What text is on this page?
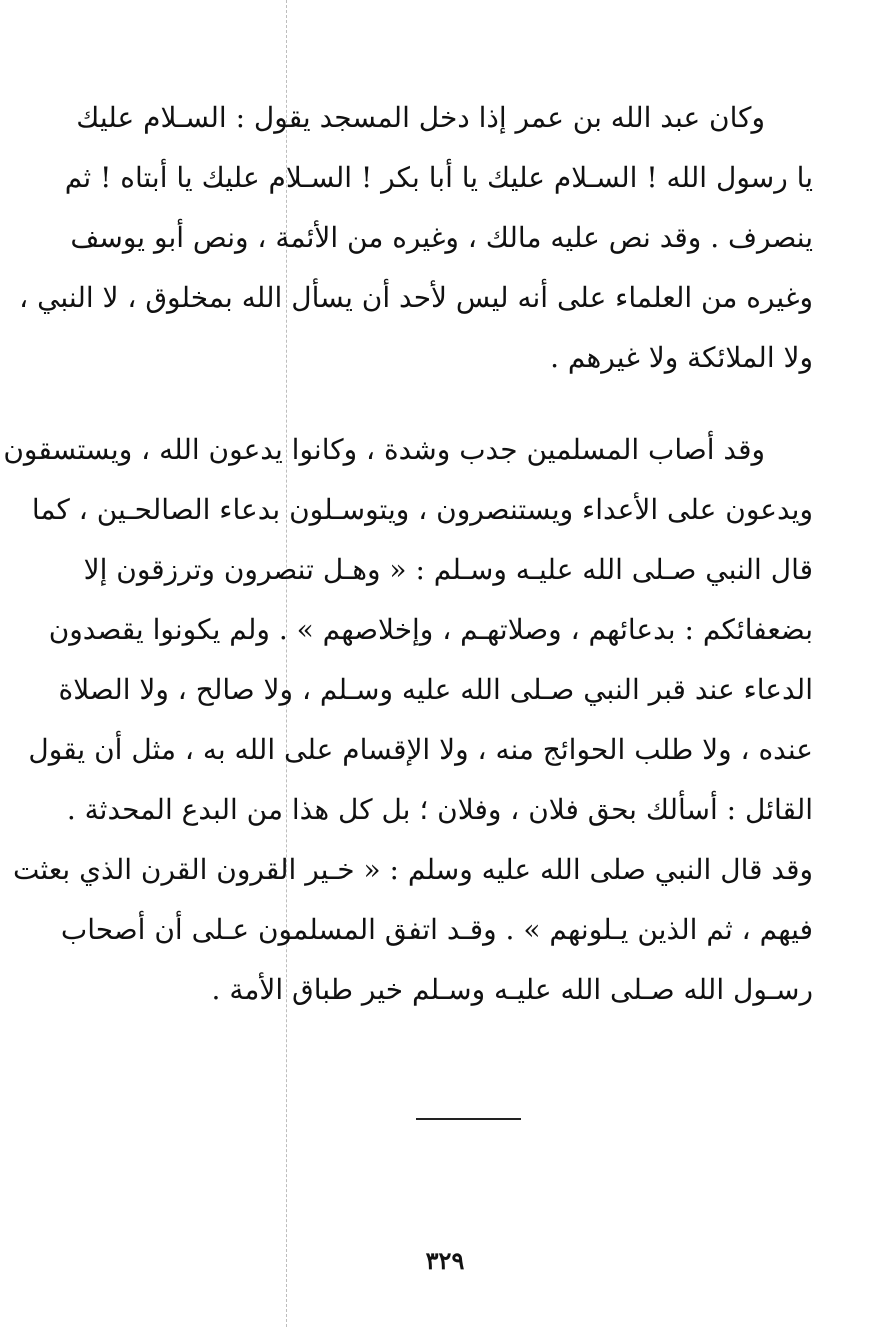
وكان عبد الله بن عمر إذا دخل المسجد يقول : السـلام عليك
يا رسول الله ! السـلام عليك يا أبا بكر ! السـلام عليك يا أبتاه ! ثم
ينصرف . وقد نص عليه مالك ، وغيره من الأئمة ، ونص أبو يوسف
وغيره من العلماء على أنه ليس لأحد أن يسأل الله بمخلوق ، لا النبي ،
ولا الملائكة ولا غيرهم .
وقد أصاب المسلمين جدب وشدة ، وكانوا يدعون الله ، ويستسقون
ويدعون على الأعداء ويستنصرون ، ويتوسـلون بدعاء الصالحـين ، كما
قال النبي صـلى الله عليـه وسـلم : « وهـل تنصرون وترزقون إلا
بضعفائكم : بدعائهم ، وصلاتهـم ، وإخلاصهم » . ولم يكونوا يقصدون
الدعاء عند قبر النبي صـلى الله عليه وسـلم ، ولا صالح ، ولا الصلاة
عنده ، ولا طلب الحوائج منه ، ولا الإقسام على الله به ، مثل أن يقول
القائل : أسألك بحق فلان ، وفلان ؛ بل كل هذا من البدع المحدثة .
وقد قال النبي صلى الله عليه وسلم : « خـير القرون القرن الذي بعثت
فيهم ، ثم الذين يـلونهم » . وقـد اتفق المسلمون عـلى أن أصحاب
رسـول الله صـلى الله عليـه وسـلم خير طباق الأمة .
٣٢٩
